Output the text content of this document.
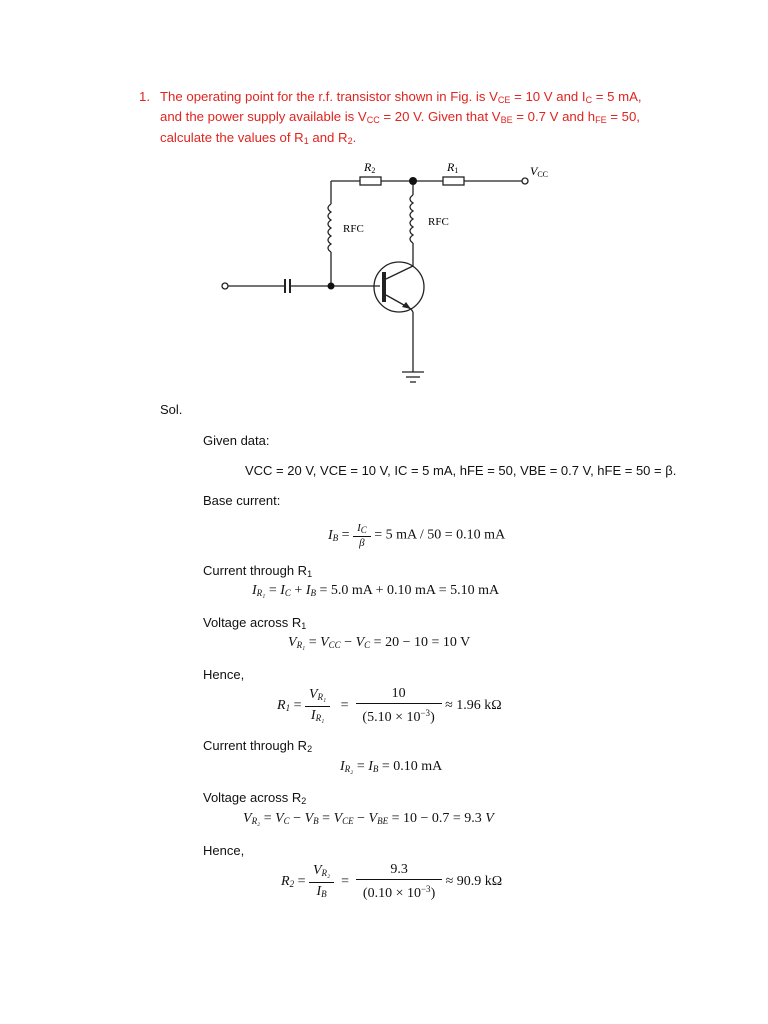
1. The operating point for the r.f. transistor shown in Fig. is $V_{CE} = 10$ V and $I_C = 5$ mA,
and the power supply available is $V_{CC} = 20$ V. Given that $V_{BE} = 0.7$ V and $h_{FE} = 50$,
calculate the values of $R_1$ and $R_2$.
R2	R1	VCC
RFC
RFC
Sol.
Given data:
VCC = 20 V, VCE = 10 V, IC = 5 mA, hFE = 50, VBE = 0.7 V, hFE = 50 = β.
Base current:
$I_B = \frac{I_C}{\beta} = 5$ mA / 50 = 0.10 mA
Current through $R_1$
$I_{R_1} = I_C + I_B = 5.0$ mA + 0.10 mA = 5.10 mA
Voltage across $R_1$
$V_{R_1} = V_{CC} - V_C = 20 - 10 = 10$ V
Hence,
$R_1 = \frac{V_{R_1}}{I_{R_1}} = \frac{10}{(5.10 \times 10^{-3})} \approx 1.96$ kΩ
Current through $R_2$
$I_{R_2} = I_B = 0.10$ mA
Voltage across $R_2$
$V_{R_2} = V_C - V_B = V_{CE} - V_{BE} = 10 - 0.7 = 9.3$ V
Hence,
$R_2 = \frac{V_{R_2}}{I_B} = \frac{9.3}{(0.10 \times 10^{-3})} \approx 90.9$ kΩ
